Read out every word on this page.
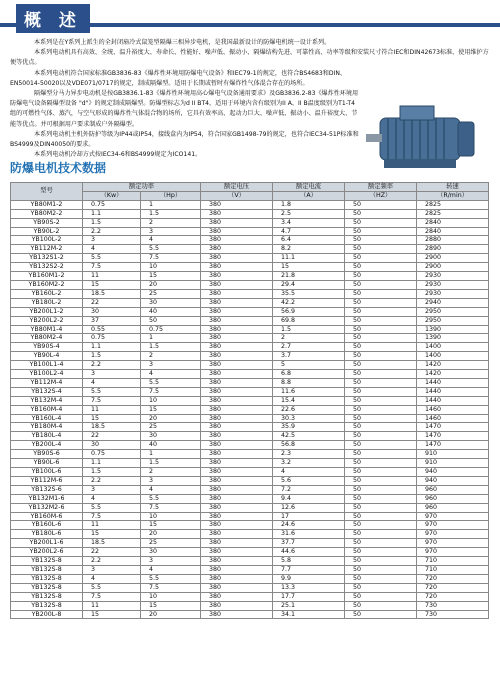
概 述

本系列是在Y系列上派生的全封闭扇冷式鼠笼型隔爆三相异步电机，是我国最新设计的防爆电机统一设计系列。

本系列电动机具有高效、全统、温升裕度大、寿命长、性能好、噪声低、振动小、隔爆结构先进、可靠性高、功率等级和安装尺寸符合IEC和DIN42673标准、使用维护方便等优点。

本系列电动机符合国家标准GB3836-83《爆炸性环境用防爆电气设备》和IEC79-1的规定，也符合BS4683和DIN、EN50014-50020以及VDE071/0717的规定，制成隔爆型。适用于长期或暂时有爆炸性气体混合存在的场所。

隔爆型分马力异步电动机是按GB3836.1-83《爆炸性环境用高心爆电气设备通用要求》及GB3836.2-83《爆炸性环境用防爆电气设备隔爆型设备 "d"》的规定制成隔爆型。防爆型标志为d II BT4，适用于环境内含有级别为II A、II B温度级别为T1-T4组的可燃性气体、蒸汽，与空气形成的爆炸性气体混合物的场所，它具有效率高、起动力巨大、噪声低、振动小、温升裕度大、节能等优点。并可根据用户要求制成户外隔爆型。

本系列电动机主机外防护等级为IP44或IP54，接线盒内为IP54，符合国家GB1498-79的规定，也符合IEC34-51P标准和BS4999及DIN40050的要求。

本系列电动机冷却方式按IEC34-6和BS4999规定为ICO141。

防爆电机技术数据
型号	额定功率		额定电压	额定电流	额定频率	转速
	（Kw）	（Hp）	（V）	（A）	（HZ）	（R/min）
YB80M1-2	0.75	1	380	1.8	50	2825
YB80M2-2	1.1	1.5	380	2.5	50	2825
YB90S-2	1.5	2	380	3.4	50	2840
YB90L-2	2.2	3	380	4.7	50	2840
YB100L-2	3	4	380	6.4	50	2880
YB112M-2	4	5.5	380	8.2	50	2890
YB132S1-2	5.5	7.5	380	11.1	50	2900
YB132S2-2	7.5	10	380	15	50	2900
YB160M1-2	11	15	380	21.8	50	2930
YB160M2-2	15	20	380	29.4	50	2930
YB160L-2	18.5	25	380	35.5	50	2930
YB180L-2	22	30	380	42.2	50	2940
YB200L1-2	30	40	380	56.9	50	2950
YB200L2-2	37	50	380	69.8	50	2950
YB80M1-4	0.55	0.75	380	1.5	50	1390
YB80M2-4	0.75	1	380	2	50	1390
YB90S-4	1.1	1.5	380	2.7	50	1400
YB90L-4	1.5	2	380	3.7	50	1400
YB100L1-4	2.2	3	380	5	50	1420
YB100L2-4	3	4	380	6.8	50	1420
YB112M-4	4	5.5	380	8.8	50	1440
YB132S-4	5.5	7.5	380	11.6	50	1440
YB132M-4	7.5	10	380	15.4	50	1440
YB160M-4	11	15	380	22.6	50	1460
YB160L-4	15	20	380	30.3	50	1460
YB180M-4	18.5	25	380	35.9	50	1470
YB180L-4	22	30	380	42.5	50	1470
YB200L-4	30	40	380	56.8	50	1470
YB90S-6	0.75	1	380	2.3	50	910
YB90L-6	1.1	1.5	380	3.2	50	910
YB100L-6	1.5	2	380	4	50	940
YB112M-6	2.2	3	380	5.6	50	940
YB132S-6	3	4	380	7.2	50	960
YB132M1-6	4	5.5	380	9.4	50	960
YB132M2-6	5.5	7.5	380	12.6	50	960
YB160M-6	7.5	10	380	17	50	970
YB160L-6	11	15	380	24.6	50	970
YB180L-6	15	20	380	31.6	50	970
YB200L1-6	18.5	25	380	37.7	50	970
YB200L2-6	22	30	380	44.6	50	970
YB132S-8	2.2	3	380	5.8	50	710
YB132S-8	3	4	380	7.7	50	710
YB132S-8	4	5.5	380	9.9	50	720
YB132S-8	5.5	7.5	380	13.3	50	720
YB132S-8	7.5	10	380	17.7	50	720
YB132S-8	11	15	380	25.1	50	730
YB200L-8	15	20	380	34.1	50	730
